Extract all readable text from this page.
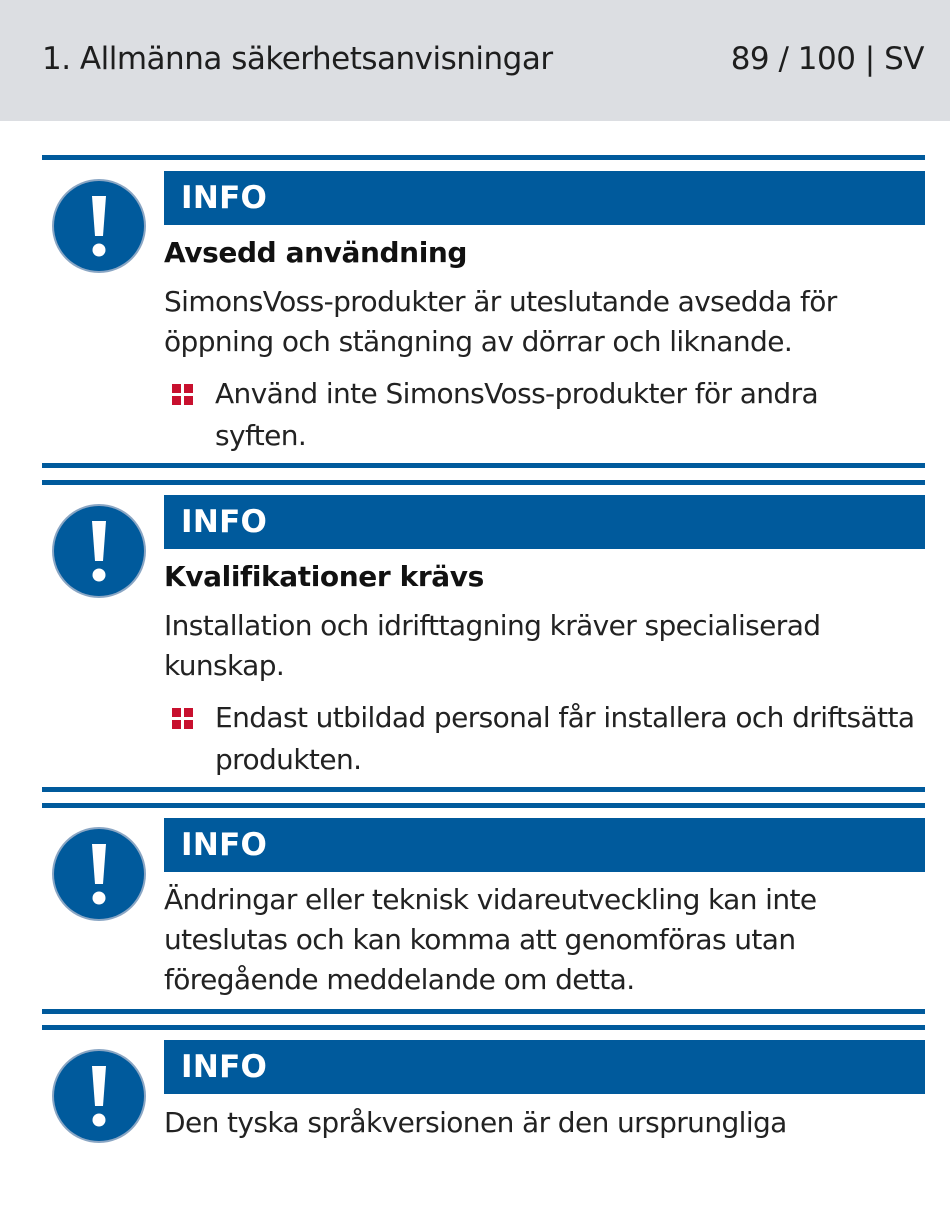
1. Allmänna säkerhetsanvisningar	89 / 100 | SV
INFO
Avsedd användning
SimonsVoss-produkter är uteslutande avsedda för öppning och stängning av dörrar och liknande.
Använd inte SimonsVoss-produkter för andra syften.
INFO
Kvalifikationer krävs
Installation och idrifttagning kräver specialiserad kunskap.
Endast utbildad personal får installera och driftsätta produkten.
INFO
Ändringar eller teknisk vidareutveckling kan inte uteslutas och kan komma att genomföras utan föregående meddelande om detta.
INFO
Den tyska språkversionen är den ursprungliga
